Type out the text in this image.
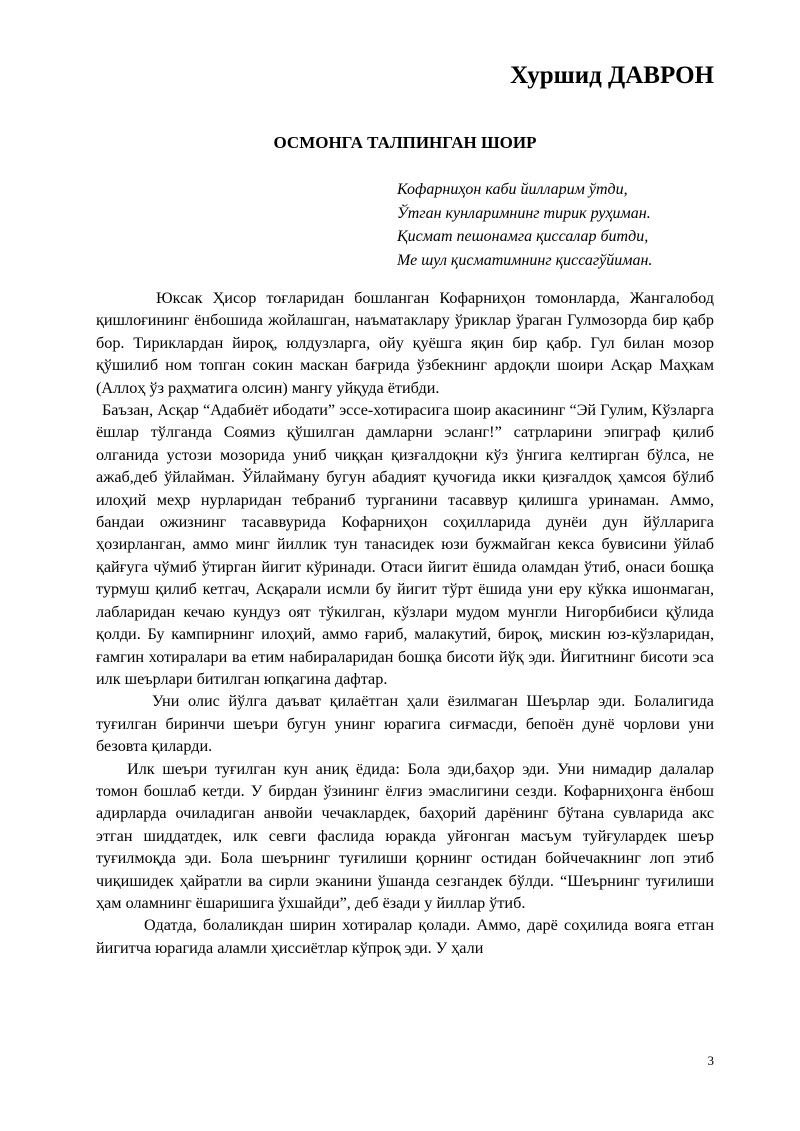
Хуршид ДАВРОН
ОСМОНГА ТАЛПИНГАН ШОИР
Кофарниҳон каби йилларим ўтди,
Ўтган кунларимнинг тирик руҳиман.
Қисмат пешонамга қиссалар битди,
Ме шул қисматимнинг қиссагўйиман.

Юксак Ҳисор тоғларидан бошланган Кофарниҳон томонларда, Жангалобод қишлоғининг ёнбошида жойлашган, наъматаклару ўриклар ўраган Гулмозорда бир қабр бор. Тириклардан йироқ, юлдузларга, ойу қуёшга яқин бир қабр. Гул билан мозор қўшилиб ном топган сокин маскан бағрида ўзбекнинг ардоқли шоири Асқар Маҳкам (Аллоҳ ўз раҳматига олсин) мангу уйқуда ётибди.

Баъзан, Асқар “Адабиёт ибодати” эссе-хотирасига шоир акасининг “Эй Гулим, Кўзларга ёшлар тўлганда Соямиз қўшилган дамларни эсланг!” сатрларини эпиграф қилиб олганида устози мозорида униб чиққан қизғалдоқни кўз ўнгига келтирган бўлса, не ажаб,деб ўйлайман. Ўйлайману бугун абадият қучоғида икки қизғалдоқ ҳамсоя бўлиб илоҳий меҳр нурларидан тебраниб турганини тасаввур қилишга уринаман. Аммо, бандаи ожизнинг тасаввурида Кофарниҳон соҳилларида дунёи дун йўлларига ҳозирланган, аммо минг йиллик тун танасидек юзи бужмайган кекса бувисини ўйлаб қайғуга чўмиб ўтирган йигит кўринади. Отаси йигит ёшида оламдан ўтиб, онаси бошқа турмуш қилиб кетгач, Асқарали исмли бу йигит тўрт ёшида уни еру кўкка ишонмаган, лабларидан кечаю кундуз оят тўкилган, кўзлари мудом мунгли Нигорбибиси қўлида қолди. Бу кампирнинг илоҳий, аммо ғариб, малакутий, бироқ, мискин юз-кўзларидан, ғамгин хотиралари ва етим набираларидан бошқа бисоти йўқ эди. Йигитнинг бисоти эса илк шеърлари битилган юпқагина дафтар.

Уни олис йўлга даъват қилаётган ҳали ёзилмаган Шеърлар эди. Болалигида туғилган биринчи шеъри бугун унинг юрагига сиғмасди, бепоён дунё чорлови уни безовта қиларди.

Илк шеъри туғилган кун аниқ ёдида: Бола эди,баҳор эди. Уни нимадир далалар томон бошлаб кетди. У бирдан ўзининг ёлғиз эмаслигини сезди. Кофарниҳонга ёнбош адирларда очиладиган анвойи чечаклардек, баҳорий дарёнинг бўтана сувларида акс этган шиддатдек, илк севги фаслида юракда уйғонган масъум туйғулардек шеър туғилмоқда эди. Бола шеърнинг туғилиши қорнинг остидан бойчечакнинг лоп этиб чиқишидек ҳайратли ва сирли эканини ўшанда сезгандек бўлди. “Шеърнинг туғилиши ҳам оламнинг ёшаришига ўхшайди”, деб ёзади у йиллар ўтиб.

Одатда, болаликдан ширин хотиралар қолади. Аммо, дарё соҳилида вояга етган йигитча юрагида аламли ҳиссиётлар кўпроқ эди. У ҳали

3
